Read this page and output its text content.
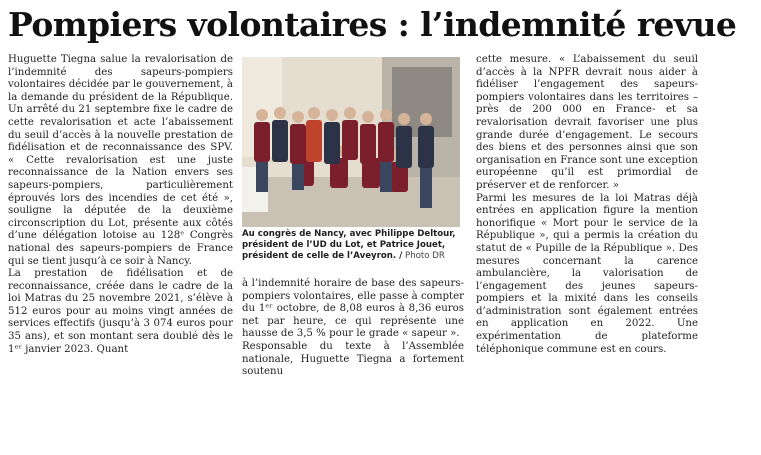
Pompiers volontaires : l’indemnité revue

Huguette Tiegna salue la revalorisation de l’indemnité des sapeurs-pompiers volontaires décidée par le gouvernement, à la demande du président de la République. Un arrêté du 21 septembre fixe le cadre de cette revalorisation et acte l’abaissement du seuil d’accès à la nouvelle prestation de fidélisation et de reconnaissance des SPV. « Cette revalorisation est une juste reconnaissance de la Nation envers ses sapeurs-pompiers, particulièrement éprouvés lors des incendies de cet été », souligne la députée de la deuxième circonscription du Lot, présente aux côtés d’une délégation lotoise au 128ᵉ Congrès national des sapeurs-pompiers de France qui se tient jusqu’à ce soir à Nancy.

La prestation de fidélisation et de reconnaissance, créée dans le cadre de la loi Matras du 25 novembre 2021, s’élève à 512 euros pour au moins vingt années de services effectifs (jusqu’à 3 074 euros pour 35 ans), et son montant sera doublé dès le 1ᵉʳ janvier 2023. Quant

Au congrès de Nancy, avec Philippe Deltour, président de l’UD du Lot, et Patrice Jouet, président de celle de l’Aveyron. / Photo DR

à l’indemnité horaire de base des sapeurs-pompiers volontaires, elle passe à compter du 1ᵉʳ octobre, de 8,08 euros à 8,36 euros net par heure, ce qui représente une hausse de 3,5 % pour le grade « sapeur ».

Responsable du texte à l’Assemblée nationale, Huguette Tiegna a fortement soutenu

cette mesure. « L’abaissement du seuil d’accès à la NPFR devrait nous aider à fidéliser l’engagement des sapeurs-pompiers volontaires dans les territoires – près de 200 000 en France- et sa revalorisation devrait favoriser une plus grande durée d’engagement. Le secours des biens et des personnes ainsi que son organisation en France sont une exception européenne qu’il est primordial de préserver et de renforcer. »

Parmi les mesures de la loi Matras déjà entrées en application figure la mention honorifique « Mort pour le service de la République », qui a permis la création du statut de « Pupille de la République ». Des mesures concernant la carence ambulancière, la valorisation de l’engagement des jeunes sapeurs-pompiers et la mixité dans les conseils d’administration sont également entrées en application en 2022. Une expérimentation de plateforme téléphonique commune est en cours.
